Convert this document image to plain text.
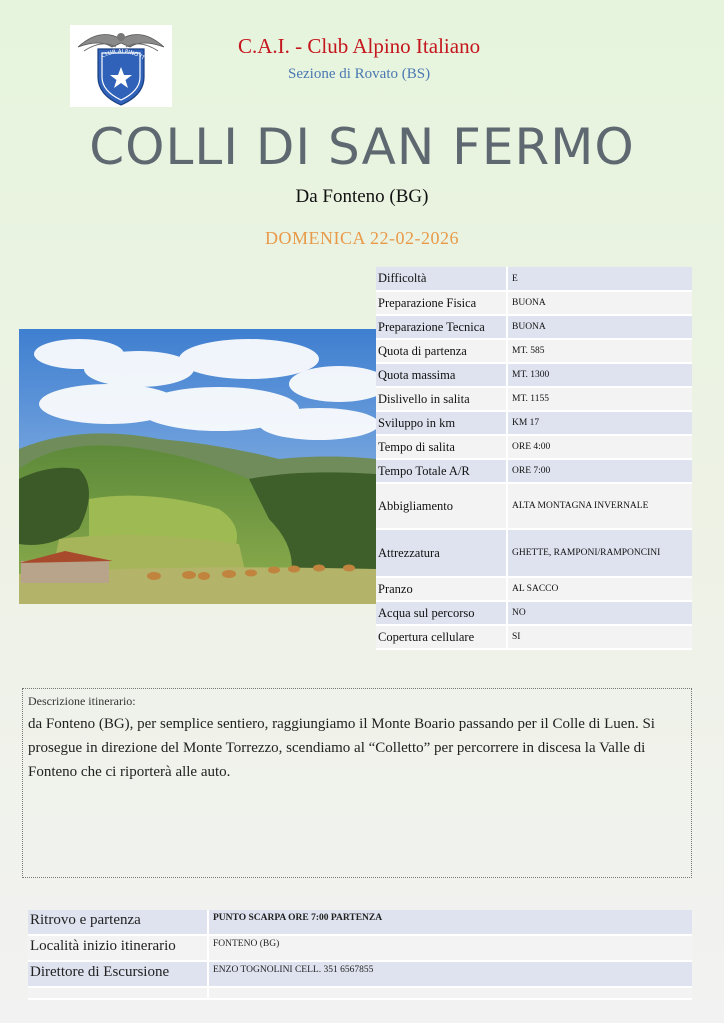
CLUB ALPINO IT
C.A.I. - Club Alpino Italiano
Sezione di Rovato (BS)
COLLI DI SAN FERMO
Da Fonteno (BG)
DOMENICA 22-02-2026
Difficoltà	E
Preparazione Fisica	BUONA
Preparazione Tecnica	BUONA
Quota di partenza	MT. 585
Quota massima	MT. 1300
Dislivello in salita	MT. 1155
Sviluppo in km	KM 17
Tempo di salita	ORE 4:00
Tempo Totale A/R	ORE 7:00
Abbigliamento	ALTA MONTAGNA INVERNALE
Attrezzatura	GHETTE, RAMPONI/RAMPONCINI
Pranzo	AL SACCO
Acqua sul percorso	NO
Copertura cellulare	SI
Descrizione itinerario:
da Fonteno (BG), per semplice sentiero, raggiungiamo il Monte Boario passando per il Colle di Luen. Si prosegue in direzione del Monte Torrezzo, scendiamo al “Colletto” per percorrere in discesa la Valle di Fonteno che ci riporterà alle auto.
Ritrovo e partenza	PUNTO SCARPA ORE 7:00 PARTENZA
Località inizio itinerario	FONTENO (BG)
Direttore di Escursione	ENZO TOGNOLINI CELL. 351 6567855
